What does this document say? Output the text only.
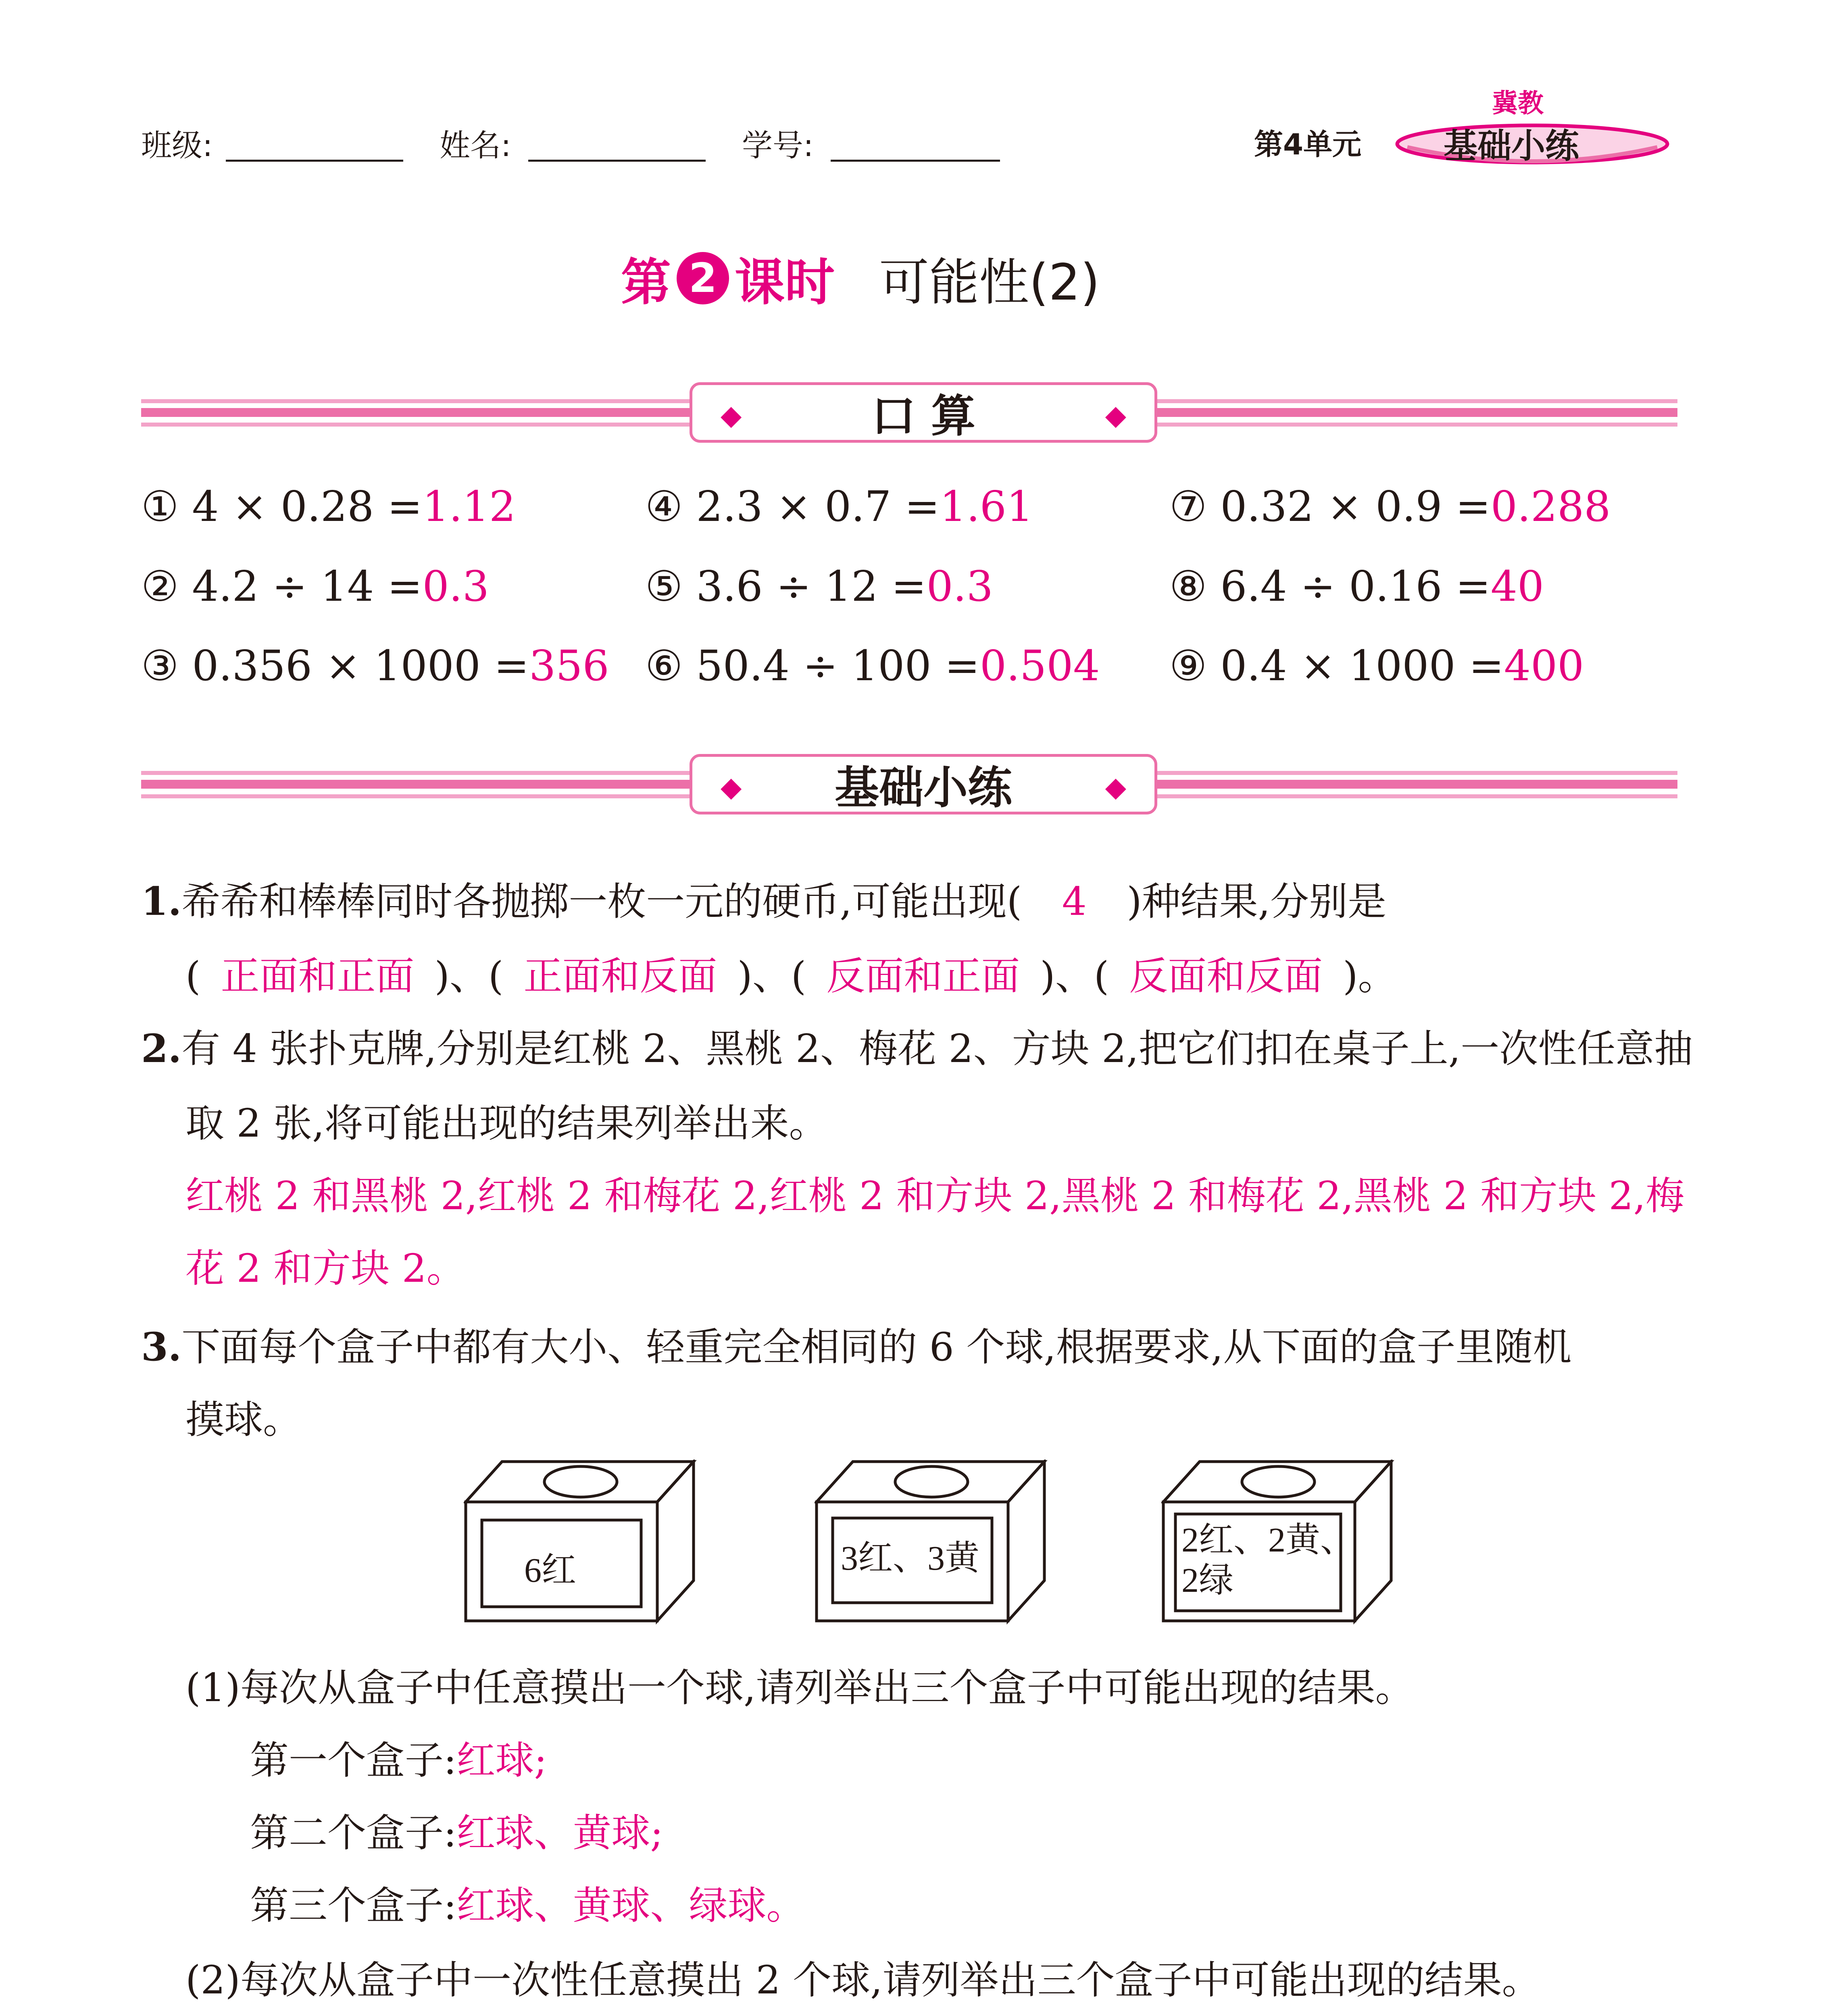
班级:	姓名:	学号:	第4单元
冀教
基础小练
第 2 课时 可能性(2)
◆	口 算	◆
① 4 × 0.28 =1.12	④ 2.3 × 0.7 =1.61	⑦ 0.32 × 0.9 =0.288
② 4.2 ÷ 14 =0.3	⑤ 3.6 ÷ 12 =0.3	⑧ 6.4 ÷ 0.16 =40
③ 0.356 × 1000 =356 ⑥ 50.4 ÷ 100 =0.504 ⑨ 0.4 × 1000 =400
◆ 基础小练	◆
1.希希和棒棒同时各抛掷一枚一元的硬币,可能出现( 4 )种结果,分别是
( 正面和正面 )、( 正面和反面 )、( 反面和正面 )、( 反面和反面 )。
2.有 4 张扑克牌,分别是红桃 2、黑桃 2、梅花 2、方块 2,把它们扣在桌子上,一次性任意抽
取 2 张,将可能出现的结果列举出来。
红桃 2 和黑桃 2,红桃 2 和梅花 2,红桃 2 和方块 2,黑桃 2 和梅花 2,黑桃 2 和方块 2,梅
花 2 和方块 2。
3.下面每个盒子中都有大小、轻重完全相同的 6 个球,根据要求,从下面的盒子里随机
摸球。
6红	3红、3黄	2红、2黄、
2绿
(1)每次从盒子中任意摸出一个球,请列举出三个盒子中可能出现的结果。
第一个盒子:红球;
第二个盒子:红球、黄球;
第三个盒子:红球、黄球、绿球。
(2)每次从盒子中一次性任意摸出 2 个球,请列举出三个盒子中可能出现的结果。
